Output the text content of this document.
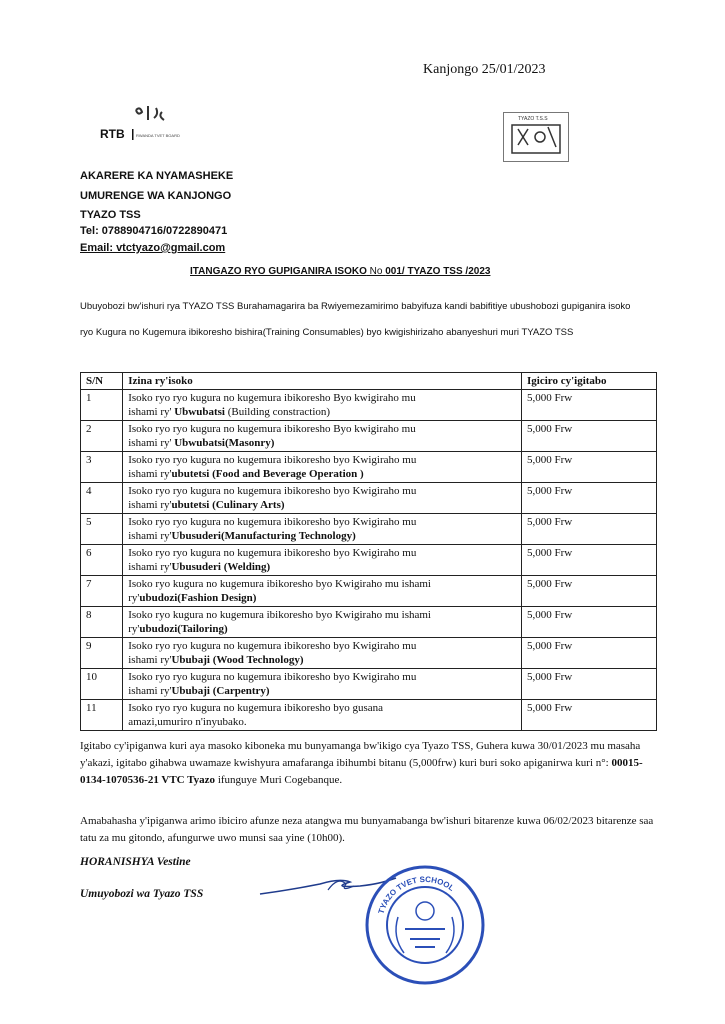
Kanjongo 25/01/2023
RTB	RWANDA TVET BOARD
TYAZO T.S.S
AKARERE KA NYAMASHEKE
UMURENGE WA KANJONGO
TYAZO TSS
Tel: 0788904716/0722890471
Email: vtctyazo@gmail.com
ITANGAZO RYO GUPIGANIRA ISOKO No 001/ TYAZO TSS /2023
Ubuyobozi bw'ishuri rya TYAZO TSS Burahamagarira ba Rwiyemezamirimo babyifuza kandi babifitiye ubushobozi gupiganira isoko ryo Kugura no Kugemura ibikoresho bishira(Training Consumables) byo kwigishirizaho abanyeshuri muri TYAZO TSS
S/N	Izina ry'isoko	Igiciro cy'igitabo
1	Isoko ryo ryo kugura no kugemura ibikoresho Byo kwigiraho mu
ishami ry' Ubwubatsi (Building constraction)	5,000 Frw
2	Isoko ryo ryo kugura no kugemura ibikoresho Byo kwigiraho mu
ishami ry' Ubwubatsi(Masonry)	5,000 Frw
3	Isoko ryo ryo kugura no kugemura ibikoresho byo Kwigiraho mu
ishami ry'ubutetsi (Food and Beverage Operation )	5,000 Frw
4	Isoko ryo ryo kugura no kugemura ibikoresho byo Kwigiraho mu
ishami ry'ubutetsi (Culinary Arts)	5,000 Frw
5	Isoko ryo ryo kugura no kugemura ibikoresho byo Kwigiraho mu
ishami ry'Ubusuderi(Manufacturing Technology)	5,000 Frw
6	Isoko ryo ryo kugura no kugemura ibikoresho byo Kwigiraho mu
ishami ry'Ubusuderi (Welding)	5,000 Frw
7	Isoko ryo kugura no kugemura ibikoresho byo Kwigiraho mu ishami
ry'ubudozi(Fashion Design)	5,000 Frw
8	Isoko ryo kugura no kugemura ibikoresho byo Kwigiraho mu ishami
ry'ubudozi(Tailoring)	5,000 Frw
9	Isoko ryo ryo kugura no kugemura ibikoresho byo Kwigiraho mu
ishami ry'Ububaji (Wood Technology)	5,000 Frw
10	Isoko ryo ryo kugura no kugemura ibikoresho byo Kwigiraho mu
ishami ry'Ububaji (Carpentry)	5,000 Frw
11	Isoko ryo ryo kugura no kugemura ibikoresho byo gusana
amazi,umuriro n'inyubako.	5,000 Frw
Igitabo cy'ipiganwa kuri aya masoko kiboneka mu bunyamanga bw'ikigo cya Tyazo TSS, Guhera kuwa 30/01/2023 mu masaha y'akazi, igitabo gihabwa uwamaze kwishyura amafaranga ibihumbi bitanu (5,000frw) kuri buri soko apiganirwa kuri n°: 00015-0134-1070536-21 VTC Tyazo ifunguye Muri Cogebanque.
Amabahasha y'ipiganwa arimo ibiciro afunze neza atangwa mu bunyamabanga bw'ishuri bitarenze kuwa 06/02/2023 bitarenze saa tatu za mu gitondo, afungurwe uwo munsi saa yine (10h00).
HORANISHYA Vestine
Umuyobozi wa Tyazo TSS
TYAZO TVET SCHOOL
